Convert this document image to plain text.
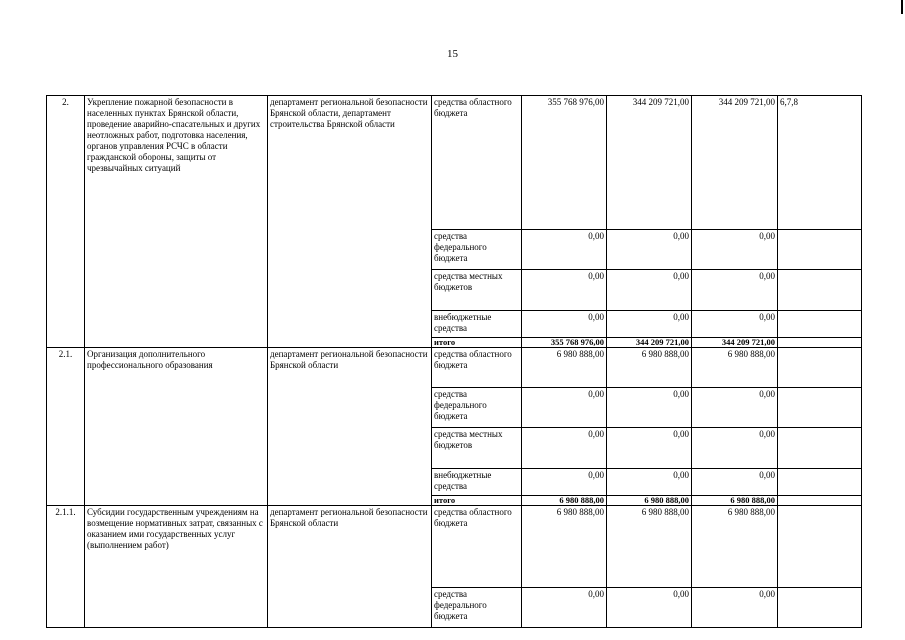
15
2.	Укрепление пожарной безопасности в населенных пунктах Брянской области, проведение аварийно-спасательных и других неотложных работ, подготовка населения, органов управления РСЧС в области гражданской обороны, защиты от чрезвычайных ситуаций	департамент региональной безопасности Брянской области, департамент строительства Брянской области	средства областного бюджета	355 768 976,00	344 209 721,00	344 209 721,00	6,7,8
			средства федерального бюджета	0,00	0,00	0,00	
			средства местных бюджетов	0,00	0,00	0,00	
			внебюджетные средства	0,00	0,00	0,00	
			итого	355 768 976,00	344 209 721,00	344 209 721,00	
2.1.	Организация дополнительного профессионального образования	департамент региональной безопасности Брянской области	средства областного бюджета	6 980 888,00	6 980 888,00	6 980 888,00	
			средства федерального бюджета	0,00	0,00	0,00	
			средства местных бюджетов	0,00	0,00	0,00	
			внебюджетные средства	0,00	0,00	0,00	
			итого	6 980 888,00	6 980 888,00	6 980 888,00	
2.1.1.	Субсидии государственным учреждениям на возмещение нормативных затрат, связанных с оказанием ими государственных услуг (выполнением работ)	департамент региональной безопасности Брянской области	средства областного бюджета	6 980 888,00	6 980 888,00	6 980 888,00	
			средства федерального бюджета	0,00	0,00	0,00	
